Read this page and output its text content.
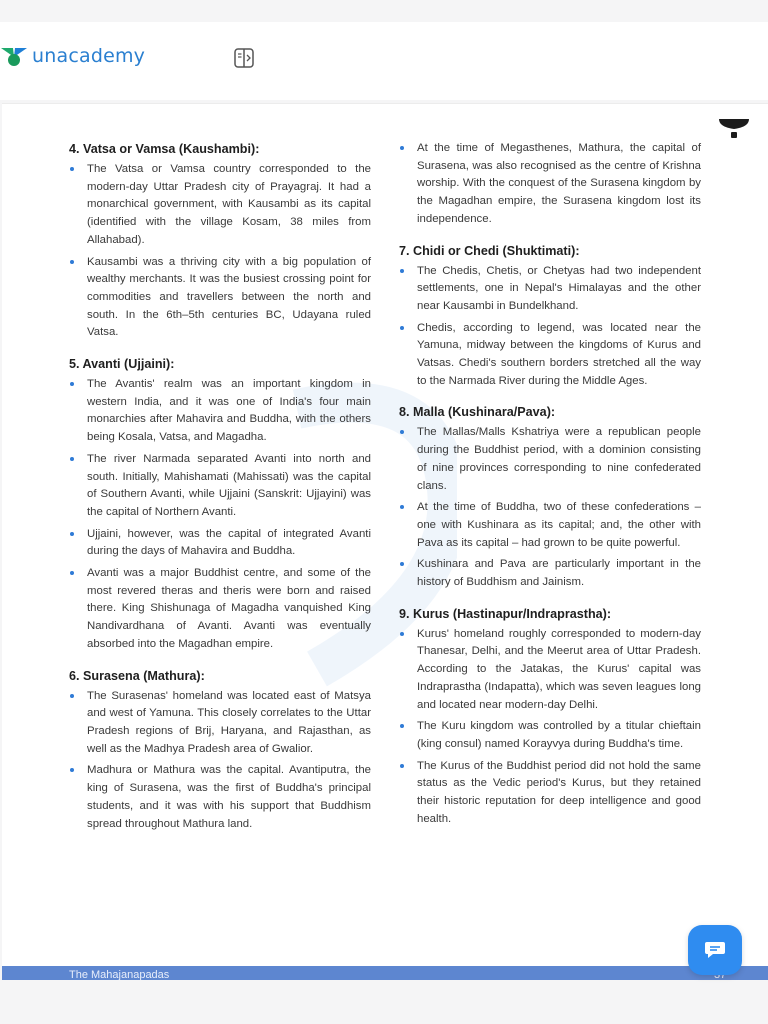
unacademy
4. Vatsa or Vamsa (Kaushambi):
The Vatsa or Vamsa country corresponded to the modern-day Uttar Pradesh city of Prayagraj. It had a monarchical government, with Kausambi as its capital (identified with the village Kosam, 38 miles from Allahabad).
Kausambi was a thriving city with a big population of wealthy merchants. It was the busiest crossing point for commodities and travellers between the north and south. In the 6th–5th centuries BC, Udayana ruled Vatsa.
5. Avanti (Ujjaini):
The Avantis' realm was an important kingdom in western India, and it was one of India's four main monarchies after Mahavira and Buddha, with the others being Kosala, Vatsa, and Magadha.
The river Narmada separated Avanti into north and south. Initially, Mahishamati (Mahissati) was the capital of Southern Avanti, while Ujjaini (Sanskrit: Ujjayini) was the capital of Northern Avanti.
Ujjaini, however, was the capital of integrated Avanti during the days of Mahavira and Buddha.
Avanti was a major Buddhist centre, and some of the most revered theras and theris were born and raised there. King Shishunaga of Magadha vanquished King Nandivardhana of Avanti. Avanti was eventually absorbed into the Magadhan empire.
6. Surasena (Mathura):
The Surasenas' homeland was located east of Matsya and west of Yamuna. This closely correlates to the Uttar Pradesh regions of Brij, Haryana, and Rajasthan, as well as the Madhya Pradesh area of Gwalior.
Madhura or Mathura was the capital. Avantiputra, the king of Surasena, was the first of Buddha's principal students, and it was with his support that Buddhism spread throughout Mathura land.
At the time of Megasthenes, Mathura, the capital of Surasena, was also recognised as the centre of Krishna worship. With the conquest of the Surasena kingdom by the Magadhan empire, the Surasena kingdom lost its independence.
7. Chidi or Chedi (Shuktimati):
The Chedis, Chetis, or Chetyas had two independent settlements, one in Nepal's Himalayas and the other near Kausambi in Bundelkhand.
Chedis, according to legend, was located near the Yamuna, midway between the kingdoms of Kurus and Vatsas. Chedi's southern borders stretched all the way to the Narmada River during the Middle Ages.
8. Malla (Kushinara/Pava):
The Mallas/Malls Kshatriya were a republican people during the Buddhist period, with a dominion consisting of nine provinces corresponding to nine confederated clans.
At the time of Buddha, two of these confederations – one with Kushinara as its capital; and, the other with Pava as its capital – had grown to be quite powerful.
Kushinara and Pava are particularly important in the history of Buddhism and Jainism.
9. Kurus (Hastinapur/Indraprastha):
Kurus' homeland roughly corresponded to modern-day Thanesar, Delhi, and the Meerut area of Uttar Pradesh. According to the Jatakas, the Kurus' capital was Indraprastha (Indapatta), which was seven leagues long and located near modern-day Delhi.
The Kuru kingdom was controlled by a titular chieftain (king consul) named Korayvya during Buddha's time.
The Kurus of the Buddhist period did not hold the same status as the Vedic period's Kurus, but they retained their historic reputation for deep intelligence and good health.
The Mahajanapadas
